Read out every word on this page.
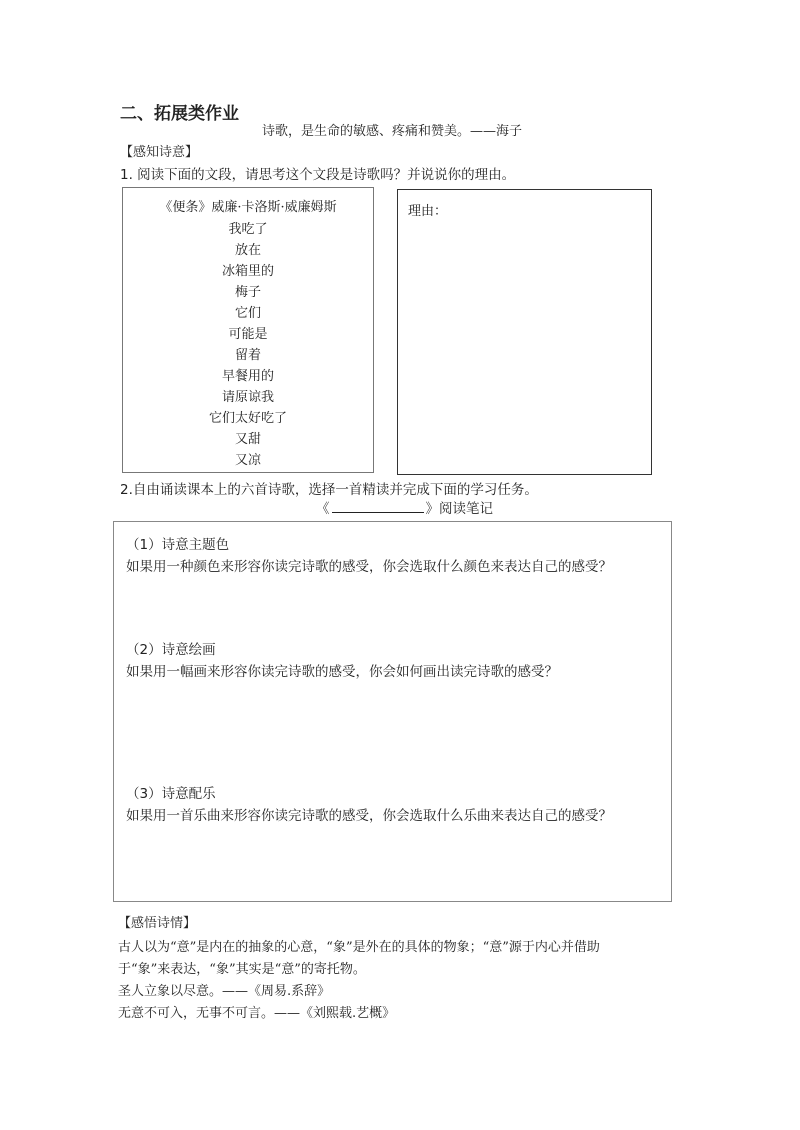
二、拓展类作业
诗歌，是生命的敏感、疼痛和赞美。——海子
【感知诗意】
1. 阅读下面的文段，请思考这个文段是诗歌吗？并说说你的理由。
《便条》威廉·卡洛斯·威廉姆斯
我吃了
放在
冰箱里的
梅子
它们
可能是
留着
早餐用的
请原谅我
它们太好吃了
又甜
又凉
理由：
2.自由诵读课本上的六首诗歌，选择一首精读并完成下面的学习任务。
《	》阅读笔记
（1）诗意主题色
如果用一种颜色来形容你读完诗歌的感受，你会选取什么颜色来表达自己的感受？
（2）诗意绘画
如果用一幅画来形容你读完诗歌的感受，你会如何画出读完诗歌的感受？
（3）诗意配乐
如果用一首乐曲来形容你读完诗歌的感受，你会选取什么乐曲来表达自己的感受？
【感悟诗情】
古人以为“意”是内在的抽象的心意，“象”是外在的具体的物象；“意”源于内心并借助
于“象”来表达，“象”其实是“意”的寄托物。
圣人立象以尽意。——《周易.系辞》
无意不可入，无事不可言。——《刘熙载.艺概》
